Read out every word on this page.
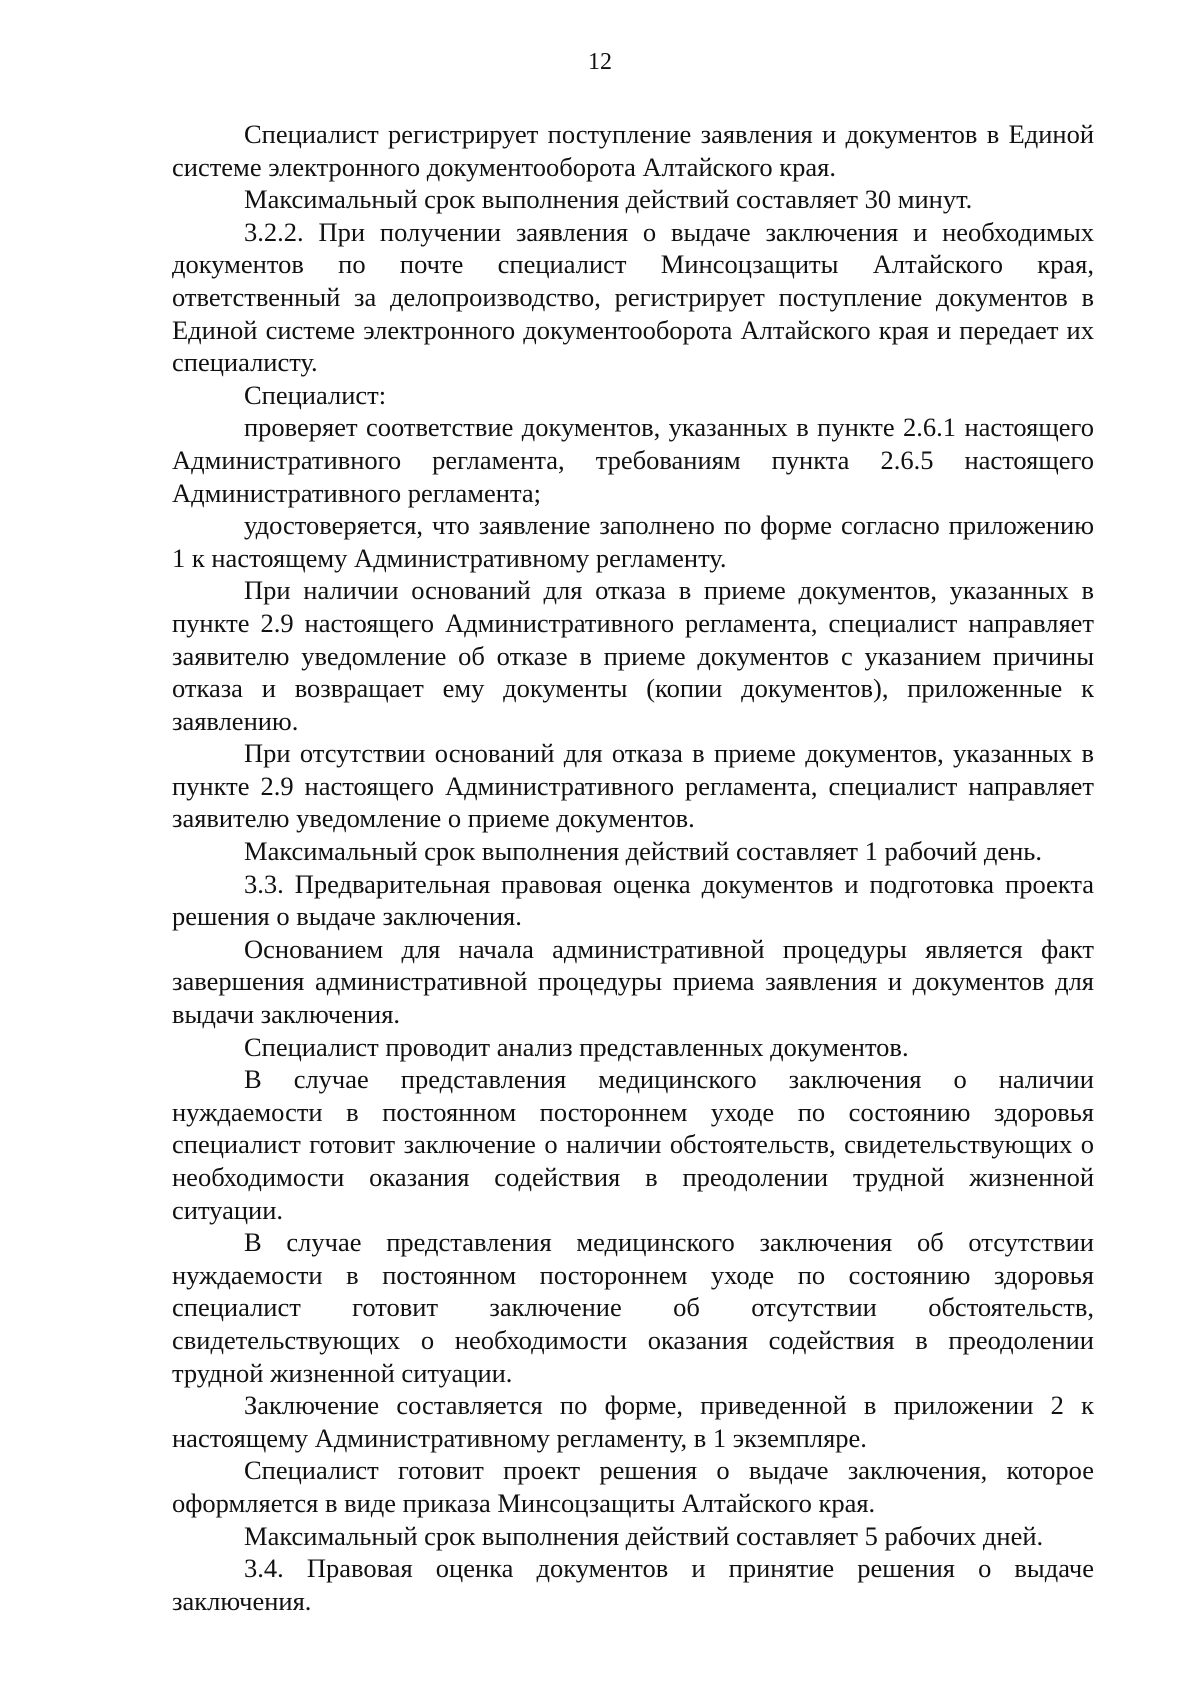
12

Специалист регистрирует поступление заявления и документов в Единой системе электронного документооборота Алтайского края.

Максимальный срок выполнения действий составляет 30 минут.

3.2.2. При получении заявления о выдаче заключения и необходимых документов по почте специалист Минсоцзащиты Алтайского края, ответственный за делопроизводство, регистрирует поступление документов в Единой системе электронного документооборота Алтайского края и передает их специалисту.

Специалист:

проверяет соответствие документов, указанных в пункте 2.6.1 настоящего Административного регламента, требованиям пункта 2.6.5 настоящего Административного регламента;

удостоверяется, что заявление заполнено по форме согласно приложению 1 к настоящему Административному регламенту.

При наличии оснований для отказа в приеме документов, указанных в пункте 2.9 настоящего Административного регламента, специалист направляет заявителю уведомление об отказе в приеме документов с указанием причины отказа и возвращает ему документы (копии документов), приложенные к заявлению.

При отсутствии оснований для отказа в приеме документов, указанных в пункте 2.9 настоящего Административного регламента, специалист направляет заявителю уведомление о приеме документов.

Максимальный срок выполнения действий составляет 1 рабочий день.

3.3. Предварительная правовая оценка документов и подготовка проекта решения о выдаче заключения.

Основанием для начала административной процедуры является факт завершения административной процедуры приема заявления и документов для выдачи заключения.

Специалист проводит анализ представленных документов.

В случае представления медицинского заключения о наличии нуждаемости в постоянном постороннем уходе по состоянию здоровья специалист готовит заключение о наличии обстоятельств, свидетельствующих о необходимости оказания содействия в преодолении трудной жизненной ситуации.

В случае представления медицинского заключения об отсутствии нуждаемости в постоянном постороннем уходе по состоянию здоровья специалист готовит заключение об отсутствии обстоятельств, свидетельствующих о необходимости оказания содействия в преодолении трудной жизненной ситуации.

Заключение составляется по форме, приведенной в приложении 2 к настоящему Административному регламенту, в 1 экземпляре.

Специалист готовит проект решения о выдаче заключения, которое оформляется в виде приказа Минсоцзащиты Алтайского края.

Максимальный срок выполнения действий составляет 5 рабочих дней.

3.4. Правовая оценка документов и принятие решения о выдаче заключения.
